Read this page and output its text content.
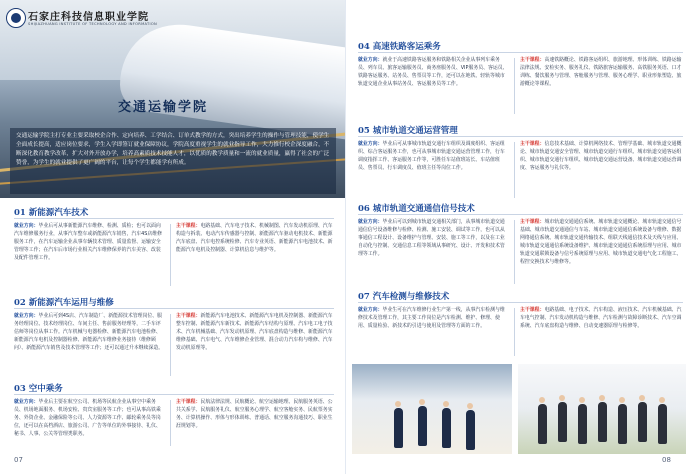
石家庄科技信息职业学院
SHIJIAZHUANG INSTITUTE OF TECHNOLOGY AND INFORMATION
交通运输学院

交通运输学院主打专业主要采取校企合作、定向培养、工学结合、订单式教学的方式，突出培养学生的操作与管理技能，使学生全面成长提高，适应岗位要求，学生入学即签订就业保障协议，学院高度重视学生的就业指导工作，大力推行校企深度融合，不断深化教育教学改革，扩大对外开放办学，培养高素质技术技能人才，以优质的教学质量和一流的就业质量，赢得了社会的广泛赞誉，为学生的就业提供了更广阔的平台，让每个学生都能学有所成。

01 新能源汽车技术
就业方向：毕业后可从事新能源汽车维修、检测、质检；也可以面向汽车维修服务行业，从事汽车整车或新能源汽车销售，汽车4S店维修服务工作，在汽车运输企业从事车辆技术管理、质量监督、运输安全管理等工作；在汽车后市场行业相关汽车维修保养的汽车美容、改装及配件管理工作。
主干课程：电路基础、汽车电子技术、机械制图、汽车发动机原理、汽车构造与拆装、电动汽车传感器与控制、新能源汽车驱动电机技术、新能源汽车底盘、汽车电控系统检修、汽车专业英语、新能源汽车电池技术、新能源汽车电机及控制器、计算机信息与维护等。
02 新能源汽车运用与维修
就业方向：毕业后可到4S店、汽车制造厂、新能源技术管理岗位、服务经理岗位、技术经理岗位、车间主任、售前服务经理等，二手车评估师等岗位从事工作。汽车机械与电器检修、新能源汽车电池检修、新能源汽车电机及控制器检修、新能源汽车维修业务接待（维修顾问）、新能源汽车销售及技术管理等工作；还可以通过升本继续深造。
主干课程：新能源汽车电池技术、新能源汽车电机及控制器、新能源汽车整车控制、新能源汽车新技术、新能源汽车结构与原理、汽车电工电子技术、汽车机械基础、汽车发动机原理、汽车底盘构造与维修、新能源汽车维修基础、汽车电气、汽车维修企业管理、混合动力汽车构与维修、汽车发动机原理等。
03 空中乘务
就业方向：毕业后主要在航空公司、机场等民航企业从事空中乘务员、机场地面服务、机场安检、贵宾室服务等工作；也可从事高铁乘务、外资企业、金融保险等公司、人力资源等工作、邮轮乘务员等岗位，还可以在高档酒店、旅游公司、广告等单位的外事接待、礼仪、秘书、人事、公关等管理类职务。
主干课程：民航法律法规、民航概论、航空运输地理、民航服务英语、公共关系学、民航服务礼仪、航空服务心理学、航空客舱实务、民航票务实务、计算机操作、形体与形体训练、普通话、航空服务沟通技巧、职业生涯规划等。
07
04 高速铁路客运乘务
就业方向：就业于高速铁路客运服务和铁路相关企业从事列车乘务员、列车员、旅客运输服务员、商务座服务员、VIP服务员、客运员、铁路客运服务、站务员、售票员等工作，还可以在地铁、轻轨等城市轨道交通企业从事站务员、客运服务员等工作。
主干课程：高速铁路概论、铁路客运组织、旅游地理、形体训练、铁路运输法律法规、安检实务、服务礼仪、铁路旅客运输服务、高铁服务英语、口才训练、餐饮服务与管理、客舱服务与管理、服务心理学、职业形象塑造、旅游概论等课程。
05 城市轨道交通运营管理
就业方向：毕业后可从事城市轨道交通行车组织及调度组织、客运组织、综合客运服务工作，也可从事城市轨道交通运营管理工作，行车调度指挥工作、客运服务工作等，可胜任车站值班站长、车站值班员、售票员、行车调度员、值班主任等岗位工作。
主干课程：信息技术基础、计算机网络技术、管理学基础、城市轨道交通概论、城市轨道交通安全管理、城市轨道交通行车组织、城市轨道交通客运组织、城市轨道交通行车组织、城市轨道交通运营设备、城市轨道交通运营调度、客运服务与礼仪等。
06 城市轨道交通通信信号技术
就业方向：毕业后可以到城市轨道交通相关部门，从事城市轨道交通通信信号设备维修与检修、检测、施工安装、调试等工作，也可以从事通信工程设计、设备维护与管理、安装、施工等工作，以及在工业自动化与控制、交通信息工程等领域从事研究、设计、开发和技术管理等工作。
主干课程：城市轨道交通通信系统、城市轨道交通概论、城市轨道交通信号基础、城市轨道交通通信与车站、城市轨道交通通信系统设备与维修、数据网络通信系统、城市轨道交通传输技术、组联天线通信技术及天线与应用、城市轨道交通通信系统设备维护、城市轨道交通通信系统原理与应用、城市轨道交通联锁设备与信号系统原理与应用、城市轨道交通电气化工程施工、程控交换技术与维修等。
07 汽车检测与维修技术
就业方向：毕业生可在汽车维修行业生产第一线，从事汽车检测与维修技术及管理工作，其主要工作岗位是汽车检测、维护、修理、使用、质量检验、新技术的引进与使用及管理等方面的工作。
主干课程：电路基础、电子技术、汽车构造、液压技术、汽车机械基础、汽车电气控制、汽车发动机构造与维修、汽车检测与故障诊断技术、汽车空调系统、汽车底盘构造与维修、自动变速器原理与检修等。
08
